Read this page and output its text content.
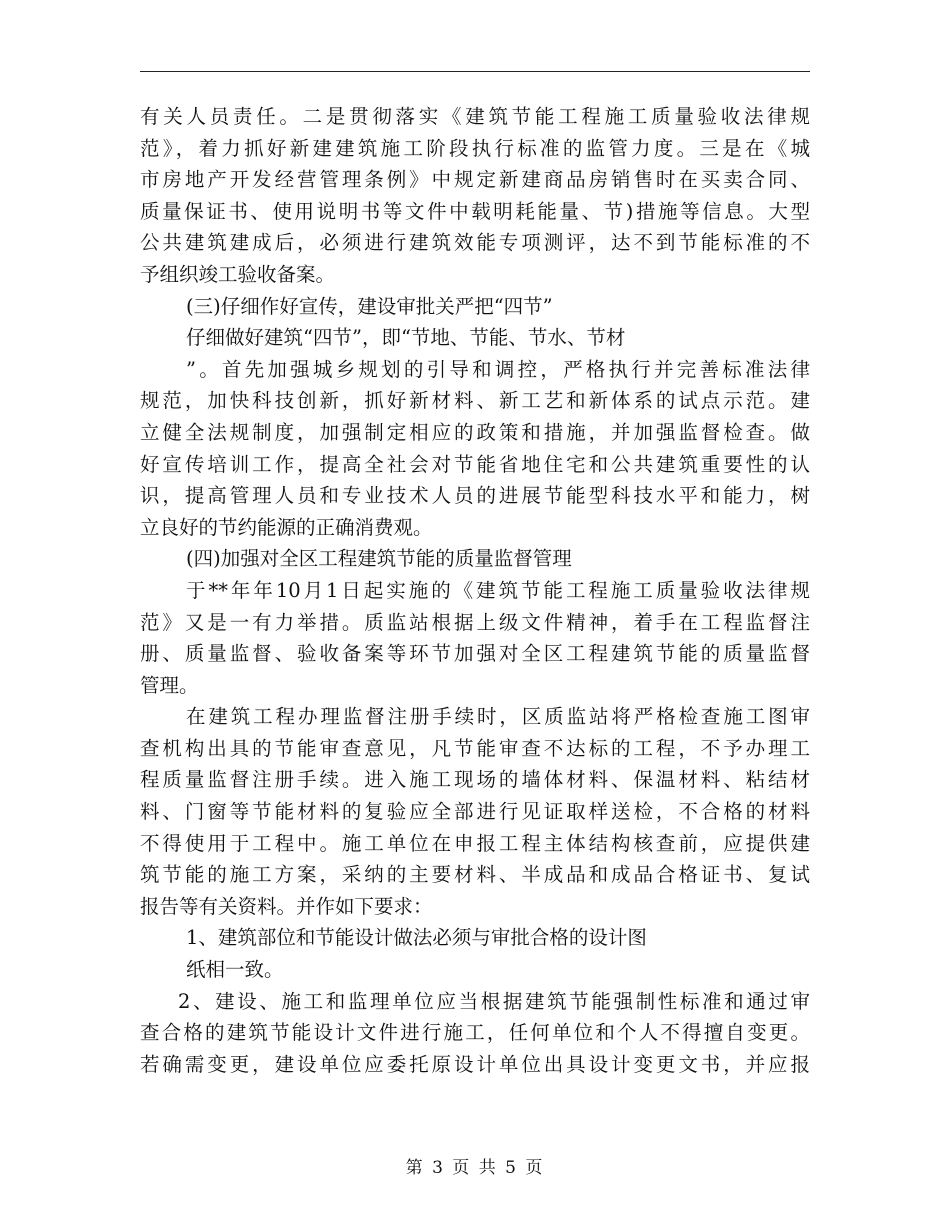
有关人员责任。二是贯彻落实《建筑节能工程施工质量验收法律规
范》，着力抓好新建建筑施工阶段执行标准的监管力度。三是在《城
市房地产开发经营管理条例》中规定新建商品房销售时在买卖合同、
质量保证书、使用说明书等文件中载明耗能量、节)措施等信息。大型
公共建筑建成后，必须进行建筑效能专项测评，达不到节能标准的不
予组织竣工验收备案。
(三)仔细作好宣传，建设审批关严把“四节”
仔细做好建筑“四节”，即“节地、节能、节水、节材
”。首先加强城乡规划的引导和调控，严格执行并完善标准法律
规范，加快科技创新，抓好新材料、新工艺和新体系的试点示范。建
立健全法规制度，加强制定相应的政策和措施，并加强监督检查。做
好宣传培训工作，提高全社会对节能省地住宅和公共建筑重要性的认
识，提高管理人员和专业技术人员的进展节能型科技水平和能力，树
立良好的节约能源的正确消费观。
(四)加强对全区工程建筑节能的质量监督管理
于**年年10月1日起实施的《建筑节能工程施工质量验收法律规
范》又是一有力举措。质监站根据上级文件精神，着手在工程监督注
册、质量监督、验收备案等环节加强对全区工程建筑节能的质量监督
管理。
在建筑工程办理监督注册手续时，区质监站将严格检查施工图审
查机构出具的节能审查意见，凡节能审查不达标的工程，不予办理工
程质量监督注册手续。进入施工现场的墙体材料、保温材料、粘结材
料、门窗等节能材料的复验应全部进行见证取样送检，不合格的材料
不得使用于工程中。施工单位在申报工程主体结构核查前，应提供建
筑节能的施工方案，采纳的主要材料、半成品和成品合格证书、复试
报告等有关资料。并作如下要求：
1、建筑部位和节能设计做法必须与审批合格的设计图
纸相一致。
2、建设、施工和监理单位应当根据建筑节能强制性标准和通过审
查合格的建筑节能设计文件进行施工，任何单位和个人不得擅自变更。
若确需变更，建设单位应委托原设计单位出具设计变更文书，并应报
第 3 页 共 5 页
